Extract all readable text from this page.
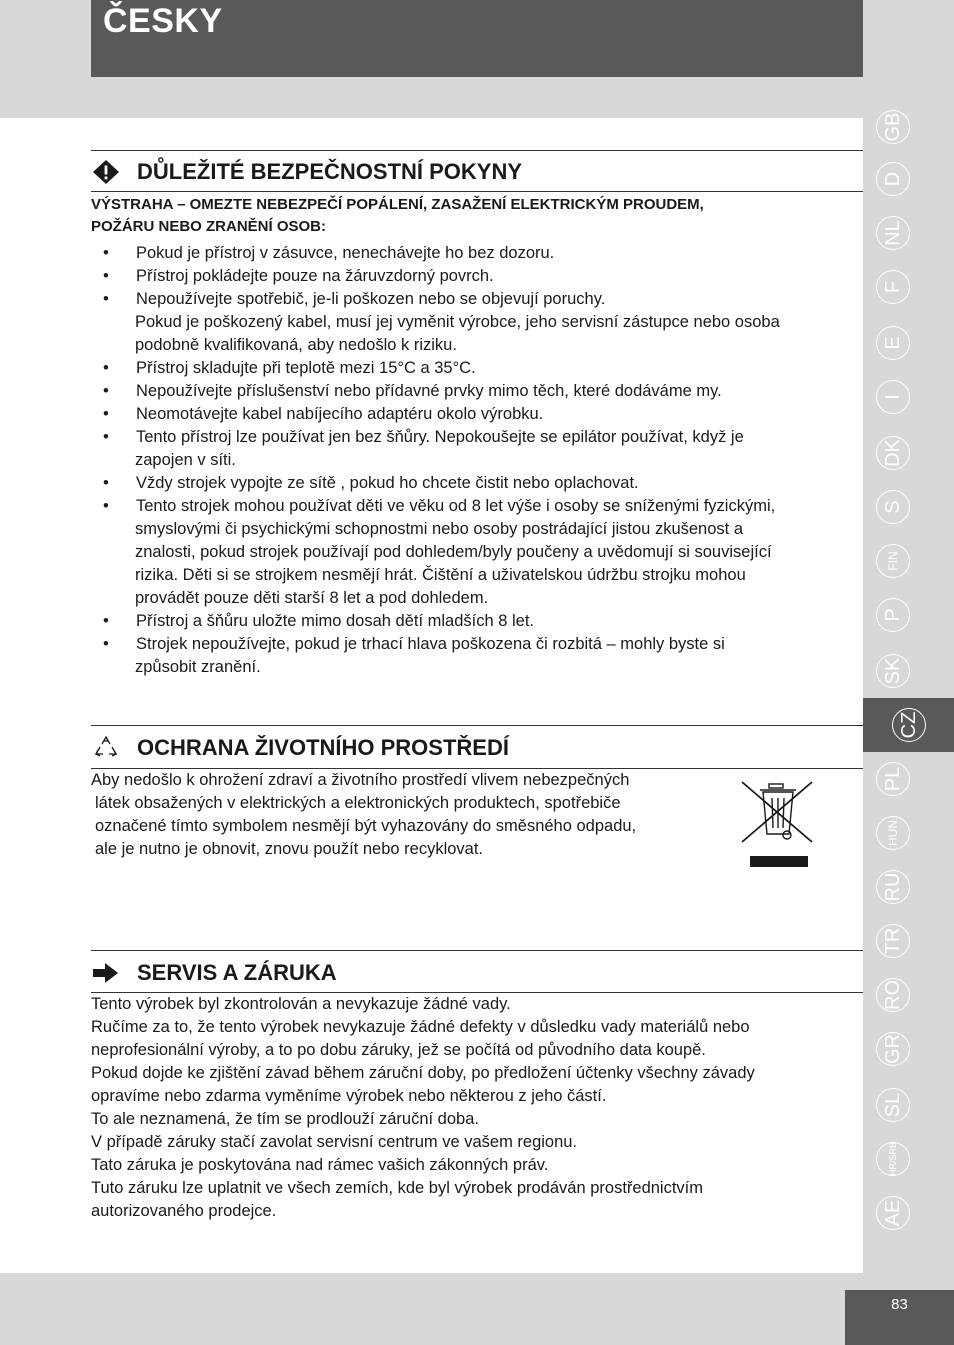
ČESKY
DŮLEŽITÉ BEZPEČNOSTNÍ POKYNY
VÝSTRAHA – OMEZTE NEBEZPEČÍ POPÁLENÍ, ZASAŽENÍ ELEKTRICKÝM PROUDEM,
POŽÁRU NEBO ZRANĚNÍ OSOB:
• Pokud je přístroj v zásuvce, nenechávejte ho bez dozoru.
• Přístroj pokládejte pouze na žáruvzdorný povrch.
• Nepoužívejte spotřebič, je-li poškozen nebo se objevují poruchy.
Pokud je poškozený kabel, musí jej vyměnit výrobce, jeho servisní zástupce nebo osoba
podobně kvalifikovaná, aby nedošlo k riziku.
• Přístroj skladujte při teplotě mezi 15°C a 35°C.
• Nepoužívejte příslušenství nebo přídavné prvky mimo těch, které dodáváme my.
• Neomotávejte kabel nabíjecího adaptéru okolo výrobku.
• Tento přístroj lze používat jen bez šňůry. Nepokoušejte se epilátor používat, když je
zapojen v síti.
• Vždy strojek vypojte ze sítě , pokud ho chcete čistit nebo oplachovat.
• Tento strojek mohou používat děti ve věku od 8 let výše i osoby se sníženými fyzickými,
smyslovými či psychickými schopnostmi nebo osoby postrádající jistou zkušenost a
znalosti, pokud strojek používají pod dohledem/byly poučeny a uvědomují si související
rizika. Děti si se strojkem nesmějí hrát. Čištění a uživatelskou údržbu strojku mohou
provádět pouze děti starší 8 let a pod dohledem.
• Přístroj a šňůru uložte mimo dosah dětí mladších 8 let.
• Strojek nepoužívejte, pokud je trhací hlava poškozena či rozbitá – mohly byste si
způsobit zranění.
OCHRANA ŽIVOTNÍHO PROSTŘEDÍ
Aby nedošlo k ohrožení zdraví a životního prostředí vlivem nebezpečných
látek obsažených v elektrických a elektronických produktech, spotřebiče
označené tímto symbolem nesmějí být vyhazovány do směsného odpadu,
ale je nutno je obnovit, znovu použít nebo recyklovat.
SERVIS A ZÁRUKA
Tento výrobek byl zkontrolován a nevykazuje žádné vady.
Ručíme za to, že tento výrobek nevykazuje žádné defekty v důsledku vady materiálů nebo
neprofesionální výroby, a to po dobu záruky, jež se počítá od původního data koupě.
Pokud dojde ke zjištění závad během záruční doby, po předložení účtenky všechny závady
opravíme nebo zdarma vyměníme výrobek nebo některou z jeho částí.
To ale neznamená, že tím se prodlouží záruční doba.
V případě záruky stačí zavolat servisní centrum ve vašem regionu.
Tato záruka je poskytována nad rámec vašich zákonných práv.
Tuto záruku lze uplatnit ve všech zemích, kde byl výrobek prodáván prostřednictvím
autorizovaného prodejce.
GB
D
NL
F
E
I
DK
S
FIN
P
SK
CZ
PL
HUN
RU
TR
RO
GR
SL
HR/SRB
AE
83
